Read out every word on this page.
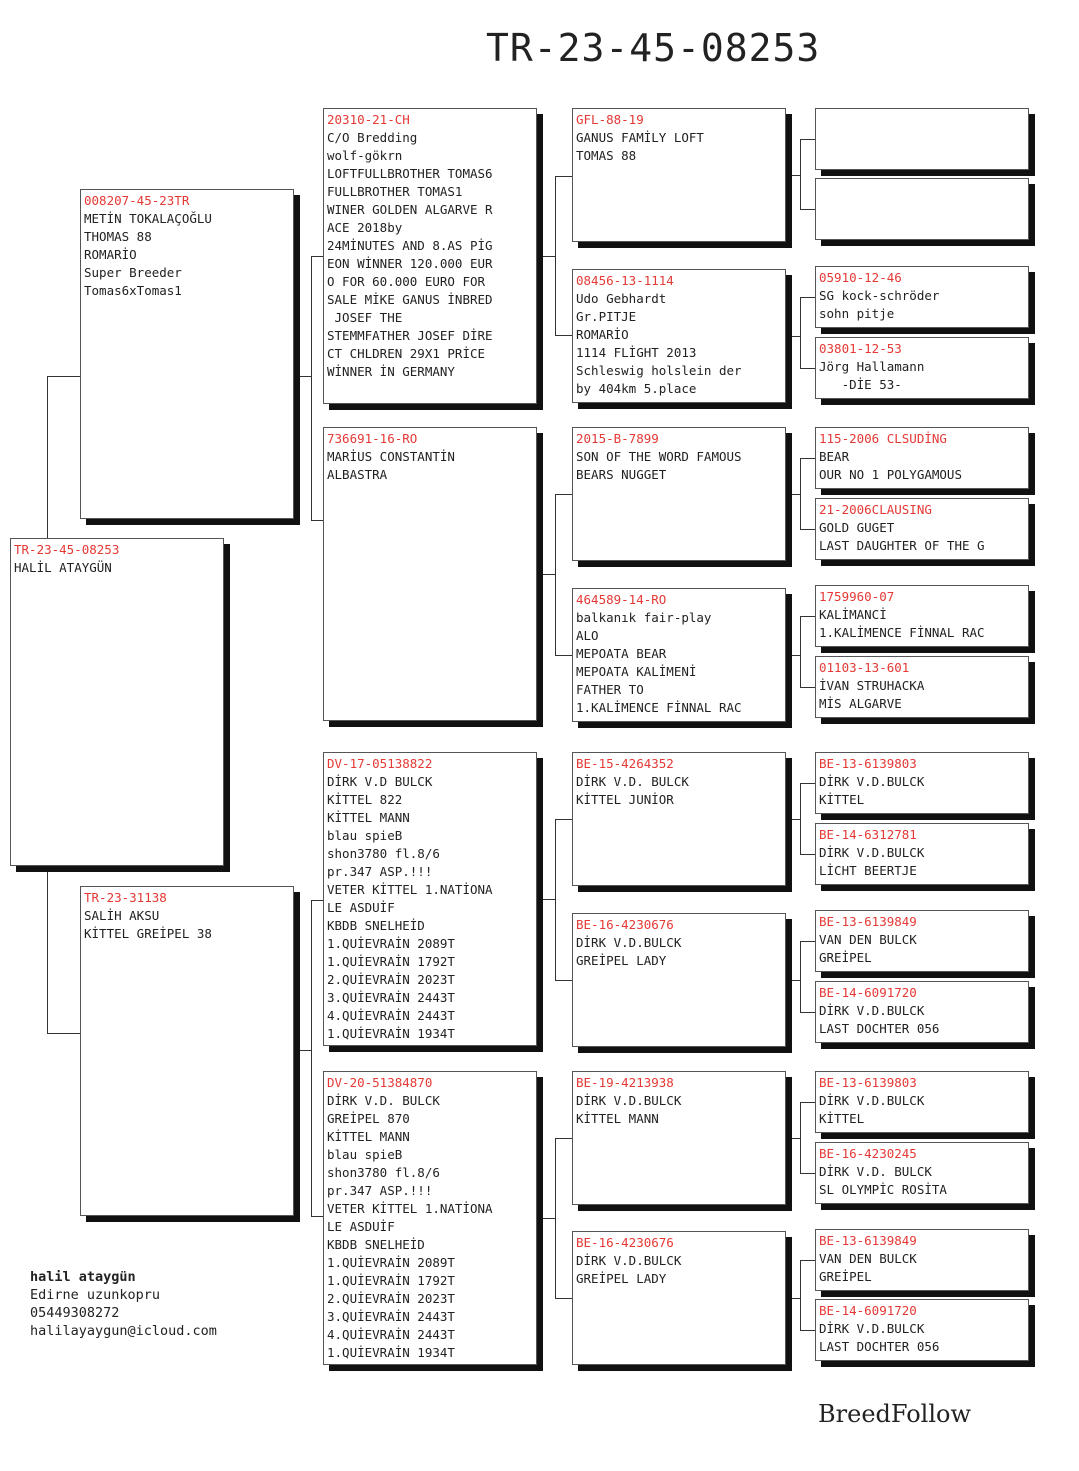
TR-23-45-08253
TR-23-45-08253
HALİL ATAYGÜN
008207-45-23TR
METİN TOKALAÇOĞLU
THOMAS 88
ROMARİO
Super Breeder
Tomas6xTomas1
TR-23-31138
SALİH AKSU
KİTTEL GREİPEL 38
20310-21-CH
C/O Bredding
wolf-gökrn
LOFTFULLBROTHER TOMAS6
FULLBROTHER TOMAS1
WINER GOLDEN ALGARVE R
ACE 2018by
24MİNUTES AND 8.AS PİG
EON WİNNER 120.000 EUR
O FOR 60.000 EURO FOR
SALE MİKE GANUS İNBRED
JOSEF THE
STEMMFATHER JOSEF DİRE
CT CHLDREN 29X1 PRİCE
WİNNER İN GERMANY
736691-16-RO
MARİUS CONSTANTİN
ALBASTRA
DV-17-05138822
DİRK V.D BULCK
KİTTEL 822
KİTTEL MANN
blau spieB
shon3780 fl.8/6
pr.347 ASP.!!!
VETER KİTTEL 1.NATİONA
LE ASDUİF
KBDB SNELHEİD
1.QUİEVRAİN 2089T
1.QUİEVRAİN 1792T
2.QUİEVRAİN 2023T
3.QUİEVRAİN 2443T
4.QUİEVRAİN 2443T
1.QUİEVRAİN 1934T
DV-20-51384870
DİRK V.D. BULCK
GREİPEL 870
KİTTEL MANN
blau spieB
shon3780 fl.8/6
pr.347 ASP.!!!
VETER KİTTEL 1.NATİONA
LE ASDUİF
KBDB SNELHEİD
1.QUİEVRAİN 2089T
1.QUİEVRAİN 1792T
2.QUİEVRAİN 2023T
3.QUİEVRAİN 2443T
4.QUİEVRAİN 2443T
1.QUİEVRAİN 1934T
GFL-88-19
GANUS FAMİLY LOFT
TOMAS 88
08456-13-1114
Udo Gebhardt
Gr.PITJE
ROMARİO
1114 FLİGHT 2013
Schleswig holslein der
by 404km 5.place
2015-B-7899
SON OF THE WORD FAMOUS
BEARS NUGGET
464589-14-RO
balkanık fair-play
ALO
MEPOATA BEAR
MEPOATA KALİMENİ
FATHER TO
1.KALİMENCE FİNNAL RAC
BE-15-4264352
DİRK V.D. BULCK
KİTTEL JUNİOR
BE-16-4230676
DİRK V.D.BULCK
GREİPEL LADY
BE-19-4213938
DİRK V.D.BULCK
KİTTEL MANN
BE-16-4230676
DİRK V.D.BULCK
GREİPEL LADY
05910-12-46
SG kock-schröder
sohn pitje
03801-12-53
Jörg Hallamann
-DİE 53-
115-2006 CLSUDİNG
BEAR
OUR NO 1 POLYGAMOUS
21-2006CLAUSING
GOLD GUGET
LAST DAUGHTER OF THE G
1759960-07
KALİMANCİ
1.KALİMENCE FİNNAL RAC
01103-13-601
İVAN STRUHACKA
MİS ALGARVE
BE-13-6139803
DİRK V.D.BULCK
KİTTEL
BE-14-6312781
DİRK V.D.BULCK
LİCHT BEERTJE
BE-13-6139849
VAN DEN BULCK
GREİPEL
BE-14-6091720
DİRK V.D.BULCK
LAST DOCHTER 056
BE-13-6139803
DİRK V.D.BULCK
KİTTEL
BE-16-4230245
DİRK V.D. BULCK
SL OLYMPİC ROSİTA
BE-13-6139849
VAN DEN BULCK
GREİPEL
BE-14-6091720
DİRK V.D.BULCK
LAST DOCHTER 056
halil ataygün
Edirne uzunkopru
05449308272
halilayaygun@icloud.com
BreedFollow
